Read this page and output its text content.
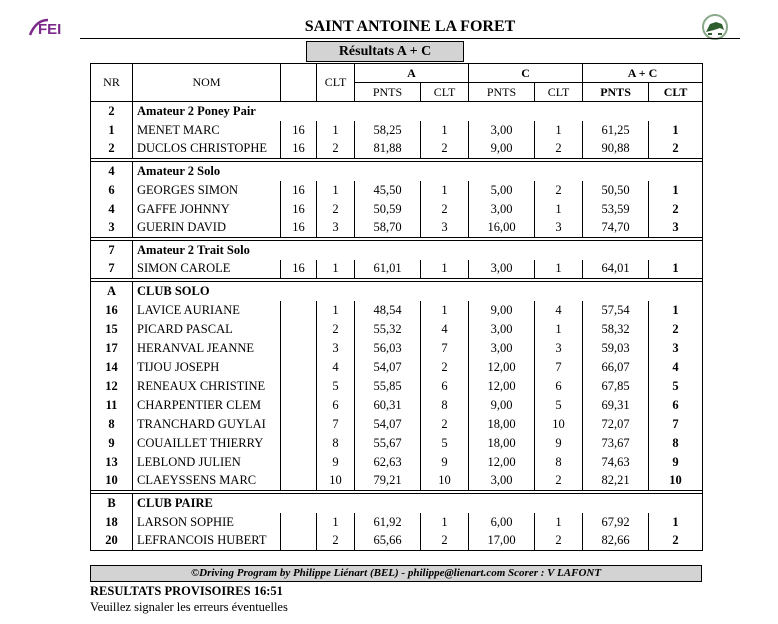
FEI	SAINT ANTOINE LA FORET
Résultats A + C
NR	NOM		CLT	A		C		A + C	
				PNTS	CLT	PNTS	CLT	PNTS	CLT
2	Amateur 2 Poney Pair								
1	MENET MARC	16	1	58,25	1	3,00	1	61,25	1
2	DUCLOS CHRISTOPHE	16	2	81,88	2	9,00	2	90,88	2

4	Amateur 2 Solo								
6	GEORGES SIMON	16	1	45,50	1	5,00	2	50,50	1
4	GAFFE JOHNNY	16	2	50,59	2	3,00	1	53,59	2
3	GUERIN DAVID	16	3	58,70	3	16,00	3	74,70	3

7	Amateur 2 Trait Solo								
7	SIMON CAROLE	16	1	61,01	1	3,00	1	64,01	1

A	CLUB SOLO								
16	LAVICE AURIANE		1	48,54	1	9,00	4	57,54	1
15	PICARD PASCAL		2	55,32	4	3,00	1	58,32	2
17	HERANVAL JEANNE		3	56,03	7	3,00	3	59,03	3
14	TIJOU JOSEPH		4	54,07	2	12,00	7	66,07	4
12	RENEAUX CHRISTINE		5	55,85	6	12,00	6	67,85	5
11	CHARPENTIER CLEM		6	60,31	8	9,00	5	69,31	6
8	TRANCHARD GUYLAI		7	54,07	2	18,00	10	72,07	7
9	COUAILLET THIERRY		8	55,67	5	18,00	9	73,67	8
13	LEBLOND JULIEN		9	62,63	9	12,00	8	74,63	9
10	CLAEYSSENS MARC		10	79,21	10	3,00	2	82,21	10

B	CLUB PAIRE								
18	LARSON SOPHIE		1	61,92	1	6,00	1	67,92	1
20	LEFRANCOIS HUBERT		2	65,66	2	17,00	2	82,66	2
©Driving Program by Philippe Liénart (BEL) - philippe@lienart.com Scorer : V LAFONT
RESULTATS PROVISOIRES 16:51
Veuillez signaler les erreurs éventuelles
